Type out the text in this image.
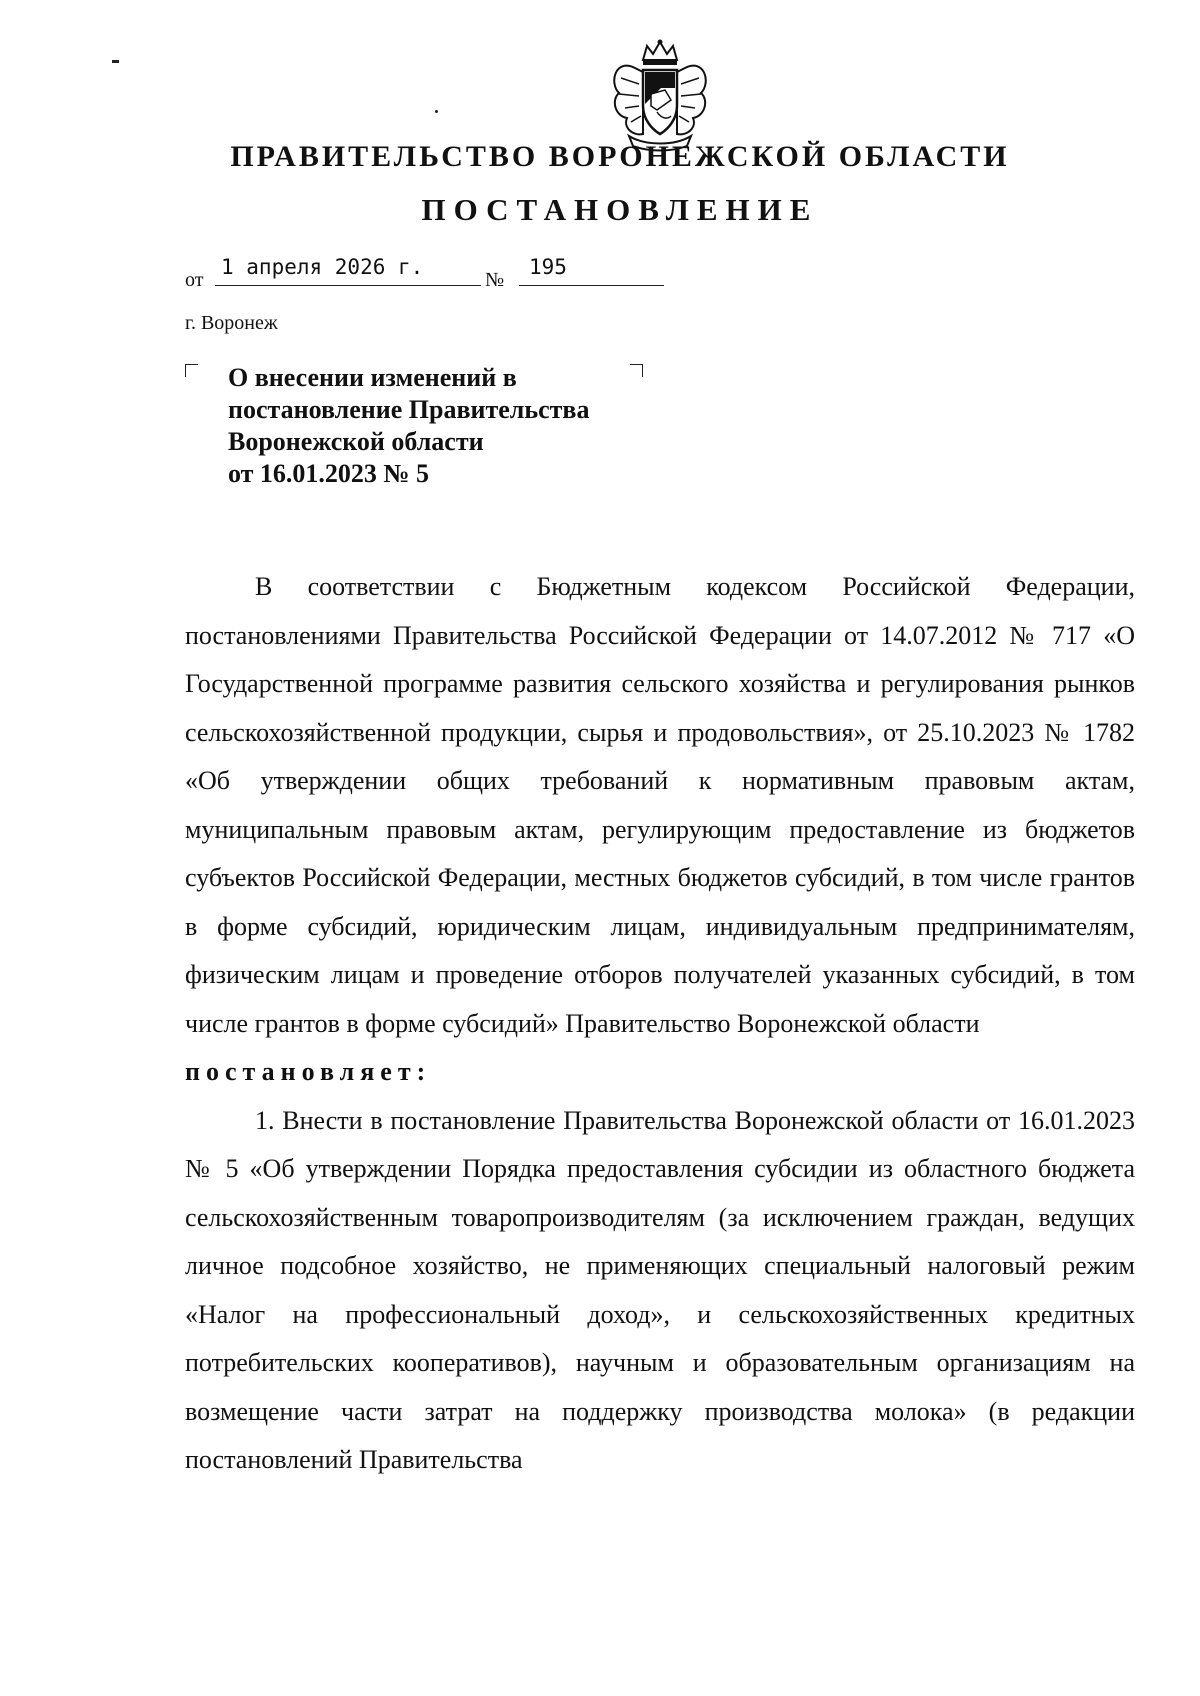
ПРАВИТЕЛЬСТВО ВОРОНЕЖСКОЙ ОБЛАСТИ
ПОСТАНОВЛЕНИЕ
от
1 апреля 2026 г.
№
195
г. Воронеж
О внесении изменений в
постановление Правительства
Воронежской области
от 16.01.2023 № 5

В соответствии с Бюджетным кодексом Российской Федерации, постановлениями Правительства Российской Федерации от 14.07.2012 № 717 «О Государственной программе развития сельского хозяйства и регулирования рынков сельскохозяйственной продукции, сырья и продовольствия», от 25.10.2023 № 1782 «Об утверждении общих требований к нормативным правовым актам, муниципальным правовым актам, регулирующим предоставление из бюджетов субъектов Российской Федерации, местных бюджетов субсидий, в том числе грантов в форме субсидий, юридическим лицам, индивидуальным предпринимателям, физическим лицам и проведение отборов получателей указанных субсидий, в том числе грантов в форме субсидий» Правительство Воронежской области

постановляет:

1. Внести в постановление Правительства Воронежской области от 16.01.2023 № 5 «Об утверждении Порядка предоставления субсидии из областного бюджета сельскохозяйственным товаропроизводителям (за исключением граждан, ведущих личное подсобное хозяйство, не применяющих специальный налоговый режим «Налог на профессиональный доход», и сельскохозяйственных кредитных потребительских кооперативов), научным и образовательным организациям на возмещение части затрат на поддержку производства молока» (в редакции постановлений Правительства
